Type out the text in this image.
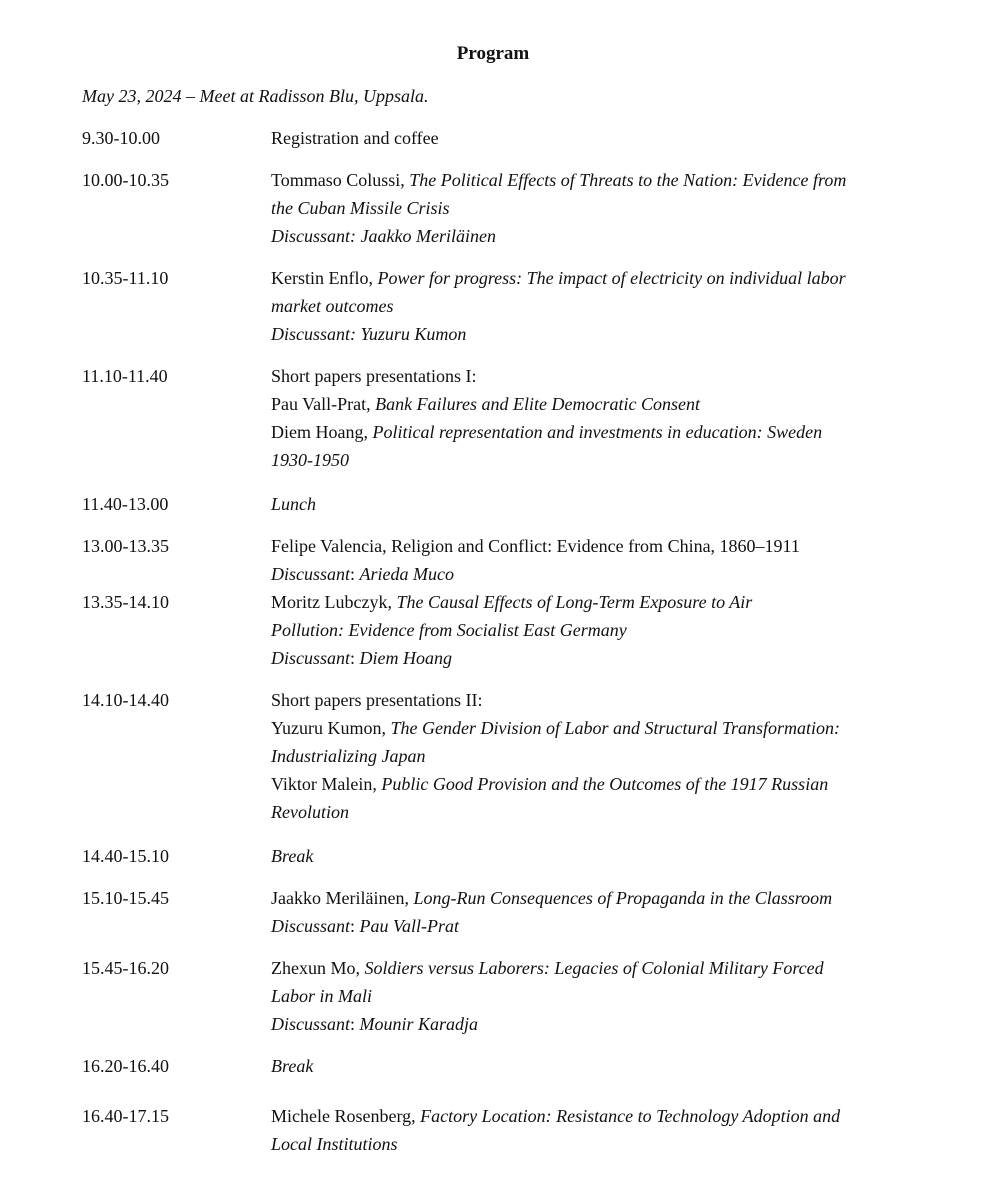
Program
May 23, 2024 – Meet at Radisson Blu, Uppsala.
9.30-10.00	Registration and coffee
10.00-10.35	Tommaso Colussi, The Political Effects of Threats to the Nation: Evidence from
the Cuban Missile Crisis
Discussant: Jaakko Meriläinen
10.35-11.10	Kerstin Enflo, Power for progress: The impact of electricity on individual labor
market outcomes
Discussant: Yuzuru Kumon
11.10-11.40	Short papers presentations I:
Pau Vall-Prat, Bank Failures and Elite Democratic Consent
Diem Hoang, Political representation and investments in education: Sweden
1930-1950
11.40-13.00	Lunch
13.00-13.35	Felipe Valencia, Religion and Conflict: Evidence from China, 1860–1911
Discussant: Arieda Muco
13.35-14.10	Moritz Lubczyk, The Causal Effects of Long-Term Exposure to Air
Pollution: Evidence from Socialist East Germany
Discussant: Diem Hoang
14.10-14.40	Short papers presentations II:
Yuzuru Kumon, The Gender Division of Labor and Structural Transformation:
Industrializing Japan
Viktor Malein, Public Good Provision and the Outcomes of the 1917 Russian
Revolution
14.40-15.10	Break
15.10-15.45	Jaakko Meriläinen, Long-Run Consequences of Propaganda in the Classroom
Discussant: Pau Vall-Prat
15.45-16.20	Zhexun Mo, Soldiers versus Laborers: Legacies of Colonial Military Forced
Labor in Mali
Discussant: Mounir Karadja
16.20-16.40	Break
16.40-17.15	Michele Rosenberg, Factory Location: Resistance to Technology Adoption and
Local Institutions
